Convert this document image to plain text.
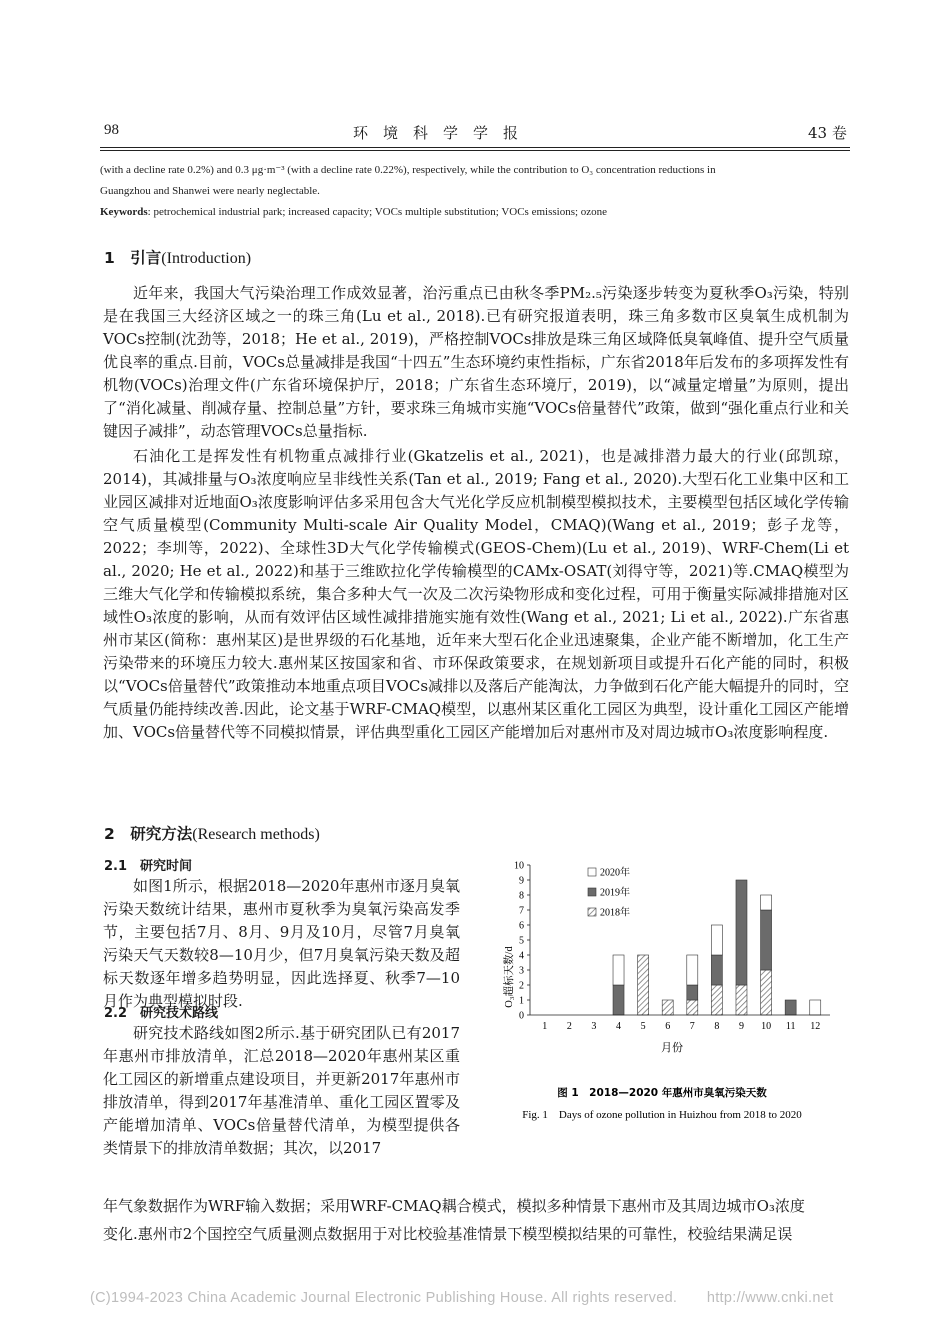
98	环　境　科　学　学　报	43 卷
(with a decline rate 0.2%) and 0.3 μg·m⁻³ (with a decline rate 0.22%), respectively, while the contribution to O₃ concentration reductions in
Guangzhou and Shanwei were nearly neglectable.
Keywords: petrochemical industrial park; increased capacity; VOCs multiple substitution; VOCs emissions; ozone
1　引言(Introduction)

近年来，我国大气污染治理工作成效显著，治污重点已由秋冬季PM₂.₅污染逐步转变为夏秋季O₃污染，特别是在我国三大经济区域之一的珠三角(Lu et al., 2018).已有研究报道表明，珠三角多数市区臭氧生成机制为VOCs控制(沈劲等，2018；He et al., 2019)，严格控制VOCs排放是珠三角区域降低臭氧峰值、提升空气质量优良率的重点.目前，VOCs总量减排是我国“十四五”生态环境约束性指标，广东省2018年后发布的多项挥发性有机物(VOCs)治理文件(广东省环境保护厅，2018；广东省生态环境厅，2019)，以“减量定增量”为原则，提出了“消化减量、削减存量、控制总量”方针，要求珠三角城市实施“VOCs倍量替代”政策，做到“强化重点行业和关键因子减排”，动态管理VOCs总量指标.

石油化工是挥发性有机物重点减排行业(Gkatzelis et al., 2021)，也是减排潜力最大的行业(邱凯琼，2014)，其减排量与O₃浓度响应呈非线性关系(Tan et al., 2019; Fang et al., 2020).大型石化工业集中区和工业园区减排对近地面O₃浓度影响评估多采用包含大气光化学反应机制模型模拟技术，主要模型包括区域化学传输空气质量模型(Community Multi-scale Air Quality Model，CMAQ)(Wang et al., 2019；彭子龙等，2022；李圳等，2022)、全球性3D大气化学传输模式(GEOS-Chem)(Lu et al., 2019)、WRF-Chem(Li et al., 2020; He et al., 2022)和基于三维欧拉化学传输模型的CAMx-OSAT(刘得守等，2021)等.CMAQ模型为三维大气化学和传输模拟系统，集合多种大气一次及二次污染物形成和变化过程，可用于衡量实际减排措施对区域性O₃浓度的影响，从而有效评估区域性减排措施实施有效性(Wang et al., 2021; Li et al., 2022).广东省惠州市某区(简称：惠州某区)是世界级的石化基地，近年来大型石化企业迅速聚集，企业产能不断增加，化工生产污染带来的环境压力较大.惠州某区按国家和省、市环保政策要求，在规划新项目或提升石化产能的同时，积极以“VOCs倍量替代”政策推动本地重点项目VOCs减排以及落后产能淘汰，力争做到石化产能大幅提升的同时，空气质量仍能持续改善.因此，论文基于WRF-CMAQ模型，以惠州某区重化工园区为典型，设计重化工园区产能增加、VOCs倍量替代等不同模拟情景，评估典型重化工园区产能增加后对惠州市及对周边城市O₃浓度影响程度.

2　研究方法(Research methods)
2.1　研究时间

如图1所示，根据2018—2020年惠州市逐月臭氧污染天数统计结果，惠州市夏秋季为臭氧污染高发季节，主要包括7月、8月、9月及10月，尽管7月臭氧污染天气天数较8—10月少，但7月臭氧污染天数及超标天数逐年增多趋势明显，因此选择夏、秋季7—10月作为典型模拟时段.

2.2　研究技术路线

研究技术路线如图2所示.基于研究团队已有2017年惠州市排放清单，汇总2018—2020年惠州某区重化工园区的新增重点建设项目，并更新2017年惠州市排放清单，得到2017年基准清单、重化工园区置零及产能增加清单、VOCs倍量替代清单，为模型提供各类情景下的排放清单数据；其次，以2017

年气象数据作为WRF输入数据；采用WRF-CMAQ耦合模式，模拟多种情景下惠州市及其周边城市O₃浓度
变化.惠州市2个国控空气质量测点数据用于对比校验基准情景下模型模拟结果的可靠性，校验结果满足误
O₃超标天数/d
0
1
2
3
4
5
6
7
8
9
10
1 2 3 4 5 6 7 8 9 10 11 12
月份
2020年
2019年
2018年
图 1　2018—2020 年惠州市臭氧污染天数
Fig. 1　Days of ozone pollution in Huizhou from 2018 to 2020
(C)1994-2023 China Academic Journal Electronic Publishing House. All rights reserved.　　http://www.cnki.net
